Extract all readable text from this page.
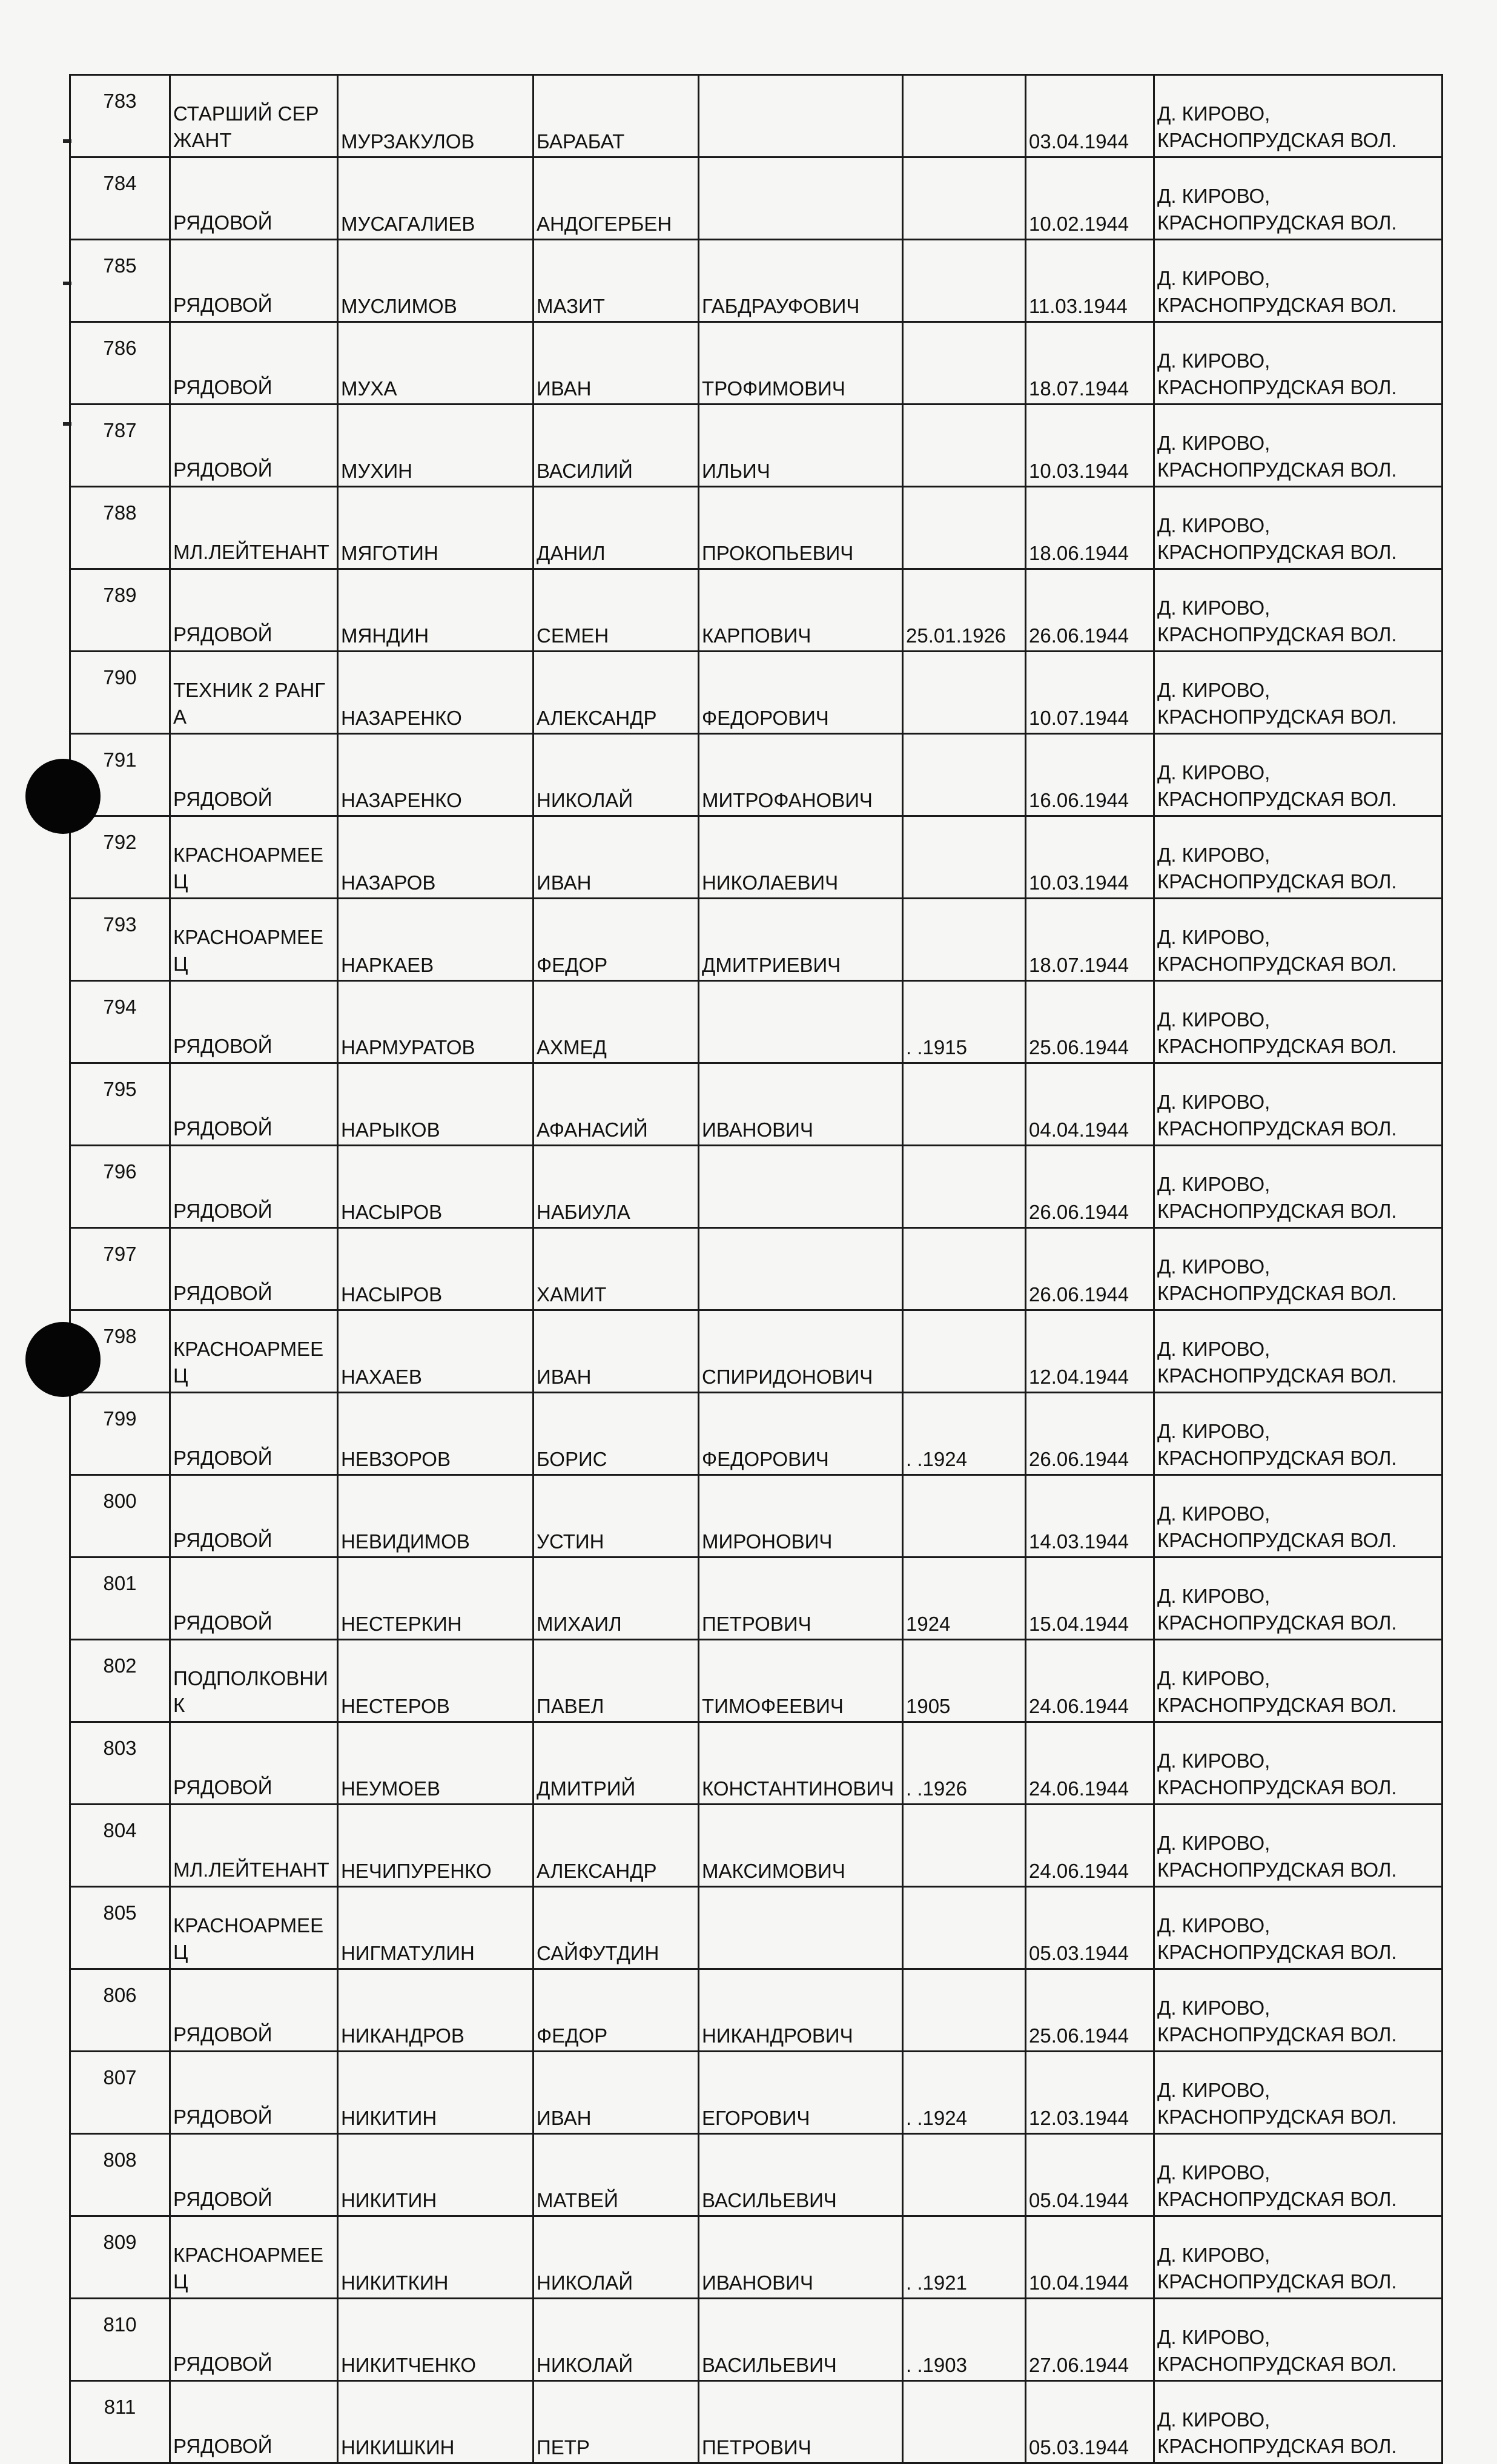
783	СТАРШИЙ СЕРЖАНТ	МУРЗАКУЛОВ	БАРАБАТ			03.04.1944	Д. КИРОВО,
КРАСНОПРУДСКАЯ ВОЛ.

784	РЯДОВОЙ	МУСАГАЛИЕВ	АНДОГЕРБЕН			10.02.1944	Д. КИРОВО,
КРАСНОПРУДСКАЯ ВОЛ.

785	РЯДОВОЙ	МУСЛИМОВ	МАЗИТ	ГАБДРАУФОВИЧ		11.03.1944	Д. КИРОВО,
КРАСНОПРУДСКАЯ ВОЛ.

786	РЯДОВОЙ	МУХА	ИВАН	ТРОФИМОВИЧ		18.07.1944	Д. КИРОВО,
КРАСНОПРУДСКАЯ ВОЛ.

787	РЯДОВОЙ	МУХИН	ВАСИЛИЙ	ИЛЬИЧ		10.03.1944	Д. КИРОВО,
КРАСНОПРУДСКАЯ ВОЛ.

788	МЛ.ЛЕЙТЕНАНТ	МЯГОТИН	ДАНИЛ	ПРОКОПЬЕВИЧ		18.06.1944	Д. КИРОВО,
КРАСНОПРУДСКАЯ ВОЛ.

789	РЯДОВОЙ	МЯНДИН	СЕМЕН	КАРПОВИЧ	25.01.1926	26.06.1944	Д. КИРОВО,
КРАСНОПРУДСКАЯ ВОЛ.

790	ТЕХНИК 2 РАНГА	НАЗАРЕНКО	АЛЕКСАНДР	ФЕДОРОВИЧ		10.07.1944	Д. КИРОВО,
КРАСНОПРУДСКАЯ ВОЛ.

791	РЯДОВОЙ	НАЗАРЕНКО	НИКОЛАЙ	МИТРОФАНОВИЧ		16.06.1944	Д. КИРОВО,
КРАСНОПРУДСКАЯ ВОЛ.

792	КРАСНОАРМЕЕЦ	НАЗАРОВ	ИВАН	НИКОЛАЕВИЧ		10.03.1944	Д. КИРОВО,
КРАСНОПРУДСКАЯ ВОЛ.

793	КРАСНОАРМЕЕЦ	НАРКАЕВ	ФЕДОР	ДМИТРИЕВИЧ		18.07.1944	Д. КИРОВО,
КРАСНОПРУДСКАЯ ВОЛ.

794	РЯДОВОЙ	НАРМУРАТОВ	АХМЕД		. .1915	25.06.1944	Д. КИРОВО,
КРАСНОПРУДСКАЯ ВОЛ.

795	РЯДОВОЙ	НАРЫКОВ	АФАНАСИЙ	ИВАНОВИЧ		04.04.1944	Д. КИРОВО,
КРАСНОПРУДСКАЯ ВОЛ.

796	РЯДОВОЙ	НАСЫРОВ	НАБИУЛА			26.06.1944	Д. КИРОВО,
КРАСНОПРУДСКАЯ ВОЛ.

797	РЯДОВОЙ	НАСЫРОВ	ХАМИТ			26.06.1944	Д. КИРОВО,
КРАСНОПРУДСКАЯ ВОЛ.

798	КРАСНОАРМЕЕЦ	НАХАЕВ	ИВАН	СПИРИДОНОВИЧ		12.04.1944	Д. КИРОВО,
КРАСНОПРУДСКАЯ ВОЛ.

799	РЯДОВОЙ	НЕВЗОРОВ	БОРИС	ФЕДОРОВИЧ	. .1924	26.06.1944	Д. КИРОВО,
КРАСНОПРУДСКАЯ ВОЛ.

800	РЯДОВОЙ	НЕВИДИМОВ	УСТИН	МИРОНОВИЧ		14.03.1944	Д. КИРОВО,
КРАСНОПРУДСКАЯ ВОЛ.

801	РЯДОВОЙ	НЕСТЕРКИН	МИХАИЛ	ПЕТРОВИЧ	1924	15.04.1944	Д. КИРОВО,
КРАСНОПРУДСКАЯ ВОЛ.

802	ПОДПОЛКОВНИК	НЕСТЕРОВ	ПАВЕЛ	ТИМОФЕЕВИЧ	1905	24.06.1944	Д. КИРОВО,
КРАСНОПРУДСКАЯ ВОЛ.

803	РЯДОВОЙ	НЕУМОЕВ	ДМИТРИЙ	КОНСТАНТИНОВИЧ	. .1926	24.06.1944	Д. КИРОВО,
КРАСНОПРУДСКАЯ ВОЛ.

804	МЛ.ЛЕЙТЕНАНТ	НЕЧИПУРЕНКО	АЛЕКСАНДР	МАКСИМОВИЧ		24.06.1944	Д. КИРОВО,
КРАСНОПРУДСКАЯ ВОЛ.

805	КРАСНОАРМЕЕЦ	НИГМАТУЛИН	САЙФУТДИН			05.03.1944	Д. КИРОВО,
КРАСНОПРУДСКАЯ ВОЛ.

806	РЯДОВОЙ	НИКАНДРОВ	ФЕДОР	НИКАНДРОВИЧ		25.06.1944	Д. КИРОВО,
КРАСНОПРУДСКАЯ ВОЛ.

807	РЯДОВОЙ	НИКИТИН	ИВАН	ЕГОРОВИЧ	. .1924	12.03.1944	Д. КИРОВО,
КРАСНОПРУДСКАЯ ВОЛ.

808	РЯДОВОЙ	НИКИТИН	МАТВЕЙ	ВАСИЛЬЕВИЧ		05.04.1944	Д. КИРОВО,
КРАСНОПРУДСКАЯ ВОЛ.

809	КРАСНОАРМЕЕЦ	НИКИТКИН	НИКОЛАЙ	ИВАНОВИЧ	. .1921	10.04.1944	Д. КИРОВО,
КРАСНОПРУДСКАЯ ВОЛ.

810	РЯДОВОЙ	НИКИТЧЕНКО	НИКОЛАЙ	ВАСИЛЬЕВИЧ	. .1903	27.06.1944	Д. КИРОВО,
КРАСНОПРУДСКАЯ ВОЛ.

811	РЯДОВОЙ	НИКИШКИН	ПЕТР	ПЕТРОВИЧ		05.03.1944	Д. КИРОВО,
КРАСНОПРУДСКАЯ ВОЛ.
